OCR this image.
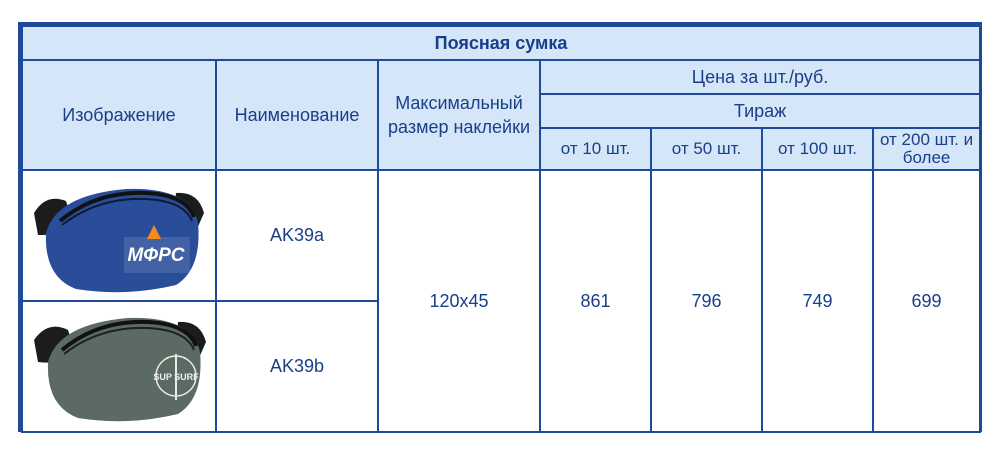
Поясная сумка						
Изображение	Наименование	Максимальный размер наклейки	Цена за шт./руб.			
			Тираж			
			от 10 шт.	от 50 шт.	от 100 шт.	от 200 шт. и более

МФРС	AK39a	120x45	861	796	749	699

SUP SURF	AK39b					
